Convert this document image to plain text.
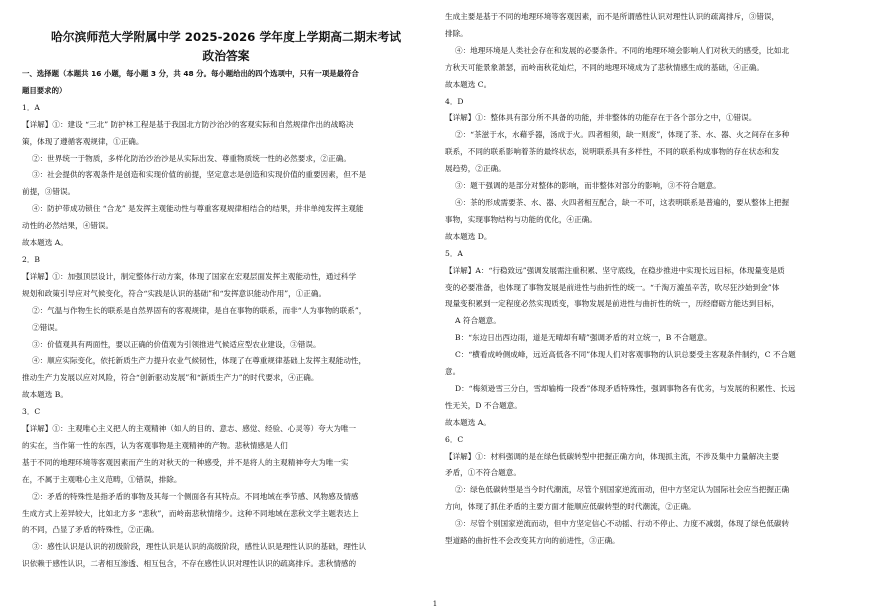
哈尔滨师范大学附属中学 2025-2026 学年度上学期高二期末考试

政治答案

一、选择题（本题共 16 小题，每小题 3 分，共 48 分。每小题给出的四个选项中，只有一项是最符合

题目要求的）

1．A

【详解】①：建设 “三北” 防护林工程是基于我国北方防沙治沙的客观实际和自然规律作出的战略决

策，体现了遵循客观规律，①正确。

②：世界统一于物质，多样化防治沙治沙是从实际出发、尊重物质统一性的必然要求，②正确。

③：社会提供的客观条件是创造和实现价值的前提，坚定意志是创造和实现价值的重要因素，但不是

前提，③错误。

④：防护带成功锁住 “合龙” 是发挥主观能动性与尊重客观规律相结合的结果，并非单纯发挥主观能

动性的必然结果，④错误。

故本题选 A。

2．B

【详解】①：加强顶层设计，制定整体行动方案，体现了国家在宏观层面发挥主观能动性，通过科学

规划和政策引导应对气候变化，符合“实践是认识的基础”和“发挥意识能动作用”，①正确。

②：气温与作物生长的联系是自然界固有的客观规律，是自在事物的联系，而非“人为事物的联系”，

②错误。

③：价值观具有两面性，要以正确的价值观为引领推进气候适应型农业建设，③错误。

④：顺应实际变化，依托新质生产力提升农业气候韧性，体现了在尊重规律基础上发挥主观能动性，

推动生产力发展以应对风险，符合“创新驱动发展”和“新质生产力”的时代要求，④正确。

故本题选 B。

3．C

【详解】①：主观唯心主义把人的主观精神（如人的目的、意志、感觉、经验、心灵等）夸大为唯一

的实在，当作第一性的东西，认为客观事物是主观精神的产物。悲秋情感是人们

基于不同的地理环境等客观因素而产生的对秋天的一种感受，并不是将人的主观精神夸大为唯一实

在，不属于主观唯心主义范畴，①错误，排除。

②：矛盾的特殊性是指矛盾的事物及其每一个侧面各有其特点。不同地域在季节感、风物感及情感

生成方式上差异较大，比如北方多 “悲秋”，而岭南悲秋情绪少。这种不同地域在悲秋文学主题表达上

的不同，凸显了矛盾的特殊性，②正确。

③：感性认识是认识的初级阶段，理性认识是认识的高级阶段，感性认识是理性认识的基础，理性认

识依赖于感性认识，二者相互渗透、相互包含，不存在感性认识对理性认识的疏离排斥。悲秋情感的

生成主要是基于不同的地理环境等客观因素，而不是所谓感性认识对理性认识的疏离排斥，③错误，

排除。

④：地理环境是人类社会存在和发展的必要条件。不同的地理环境会影响人们对秋天的感受，比如北

方秋天可能景象萧瑟，而岭南秋花灿烂，不同的地理环境成为了悲秋情感生成的基础，④正确。

故本题选 C。

4．D

【详解】①：整体具有部分所不具备的功能，并非整体的功能存在于各个部分之中，①错误。

②：“茶滋于水，水藉乎器，汤成于火。四者相须，缺一则废”，体现了茶、水、器、火之间存在多种

联系，不同的联系影响着茶的最终状态，说明联系具有多样性，不同的联系构成事物的存在状态和发

展趋势，②正确。

③：题干强调的是部分对整体的影响，而非整体对部分的影响，③不符合题意。

④：茶的形成需要茶、水、器、火四者相互配合，缺一不可，这表明联系是普遍的，要从整体上把握

事物，实现事物结构与功能的优化，④正确。

故本题选 D。

5．A

【详解】A：“行稳致远”强调发展需注重积累、坚守底线，在稳步推进中实现长远目标，体现量变是质

变的必要准备，也体现了事物发展是前进性与曲折性的统一。“千淘万漉虽辛苦，吹尽狂沙始到金”体

现量变积累到一定程度必然实现质变，事物发展是前进性与曲折性的统一，历经磨砺方能达到目标，

A 符合题意。

B：“东边日出西边雨，道是无晴却有晴”强调矛盾的对立统一，B 不合题意。

C：“横看成岭侧成峰，远近高低各不同”体现人们对客观事物的认识总要受主客观条件制约，C 不合题

意。

D：“梅须逊雪三分白，雪却输梅一段香”体现矛盾特殊性，强调事物各有优劣，与发展的积累性、长远

性无关，D 不合题意。

故本题选 A。

6．C

【详解】①：材料强调的是在绿色低碳转型中把握正确方向，体现抓主流，不涉及集中力量解决主要

矛盾，①不符合题意。

②：绿色低碳转型是当今时代潮流，尽管个别国家逆流而动，但中方坚定认为国际社会应当把握正确

方向，体现了抓住矛盾的主要方面才能顺应低碳转型的时代潮流，②正确。

③：尽管个别国家逆流而动，但中方坚定信心不动摇、行动不停止、力度不减弱，体现了绿色低碳转

型道路的曲折性不会改变其方向的前进性，③正确。

1
